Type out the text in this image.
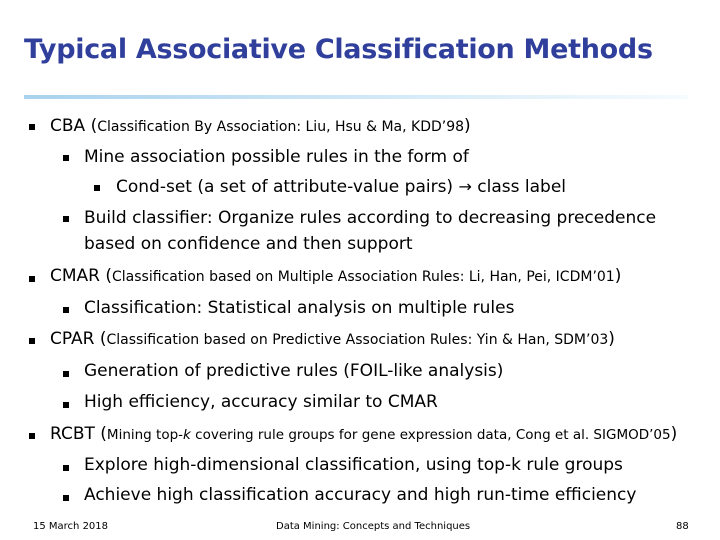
Typical Associative Classification Methods
CBA (Classification By Association: Liu, Hsu & Ma, KDD’98)
Mine association possible rules in the form of
Cond-set (a set of attribute-value pairs) → class label
Build classifier: Organize rules according to decreasing precedence
based on confidence and then support
CMAR (Classification based on Multiple Association Rules: Li, Han, Pei, ICDM’01)
Classification: Statistical analysis on multiple rules
CPAR (Classification based on Predictive Association Rules: Yin & Han, SDM’03)
Generation of predictive rules (FOIL-like analysis)
High efficiency, accuracy similar to CMAR
RCBT (Mining top-k covering rule groups for gene expression data, Cong et al. SIGMOD’05)
Explore high-dimensional classification, using top-k rule groups
Achieve high classification accuracy and high run-time efficiency
15 March 2018	Data Mining: Concepts and Techniques	88
